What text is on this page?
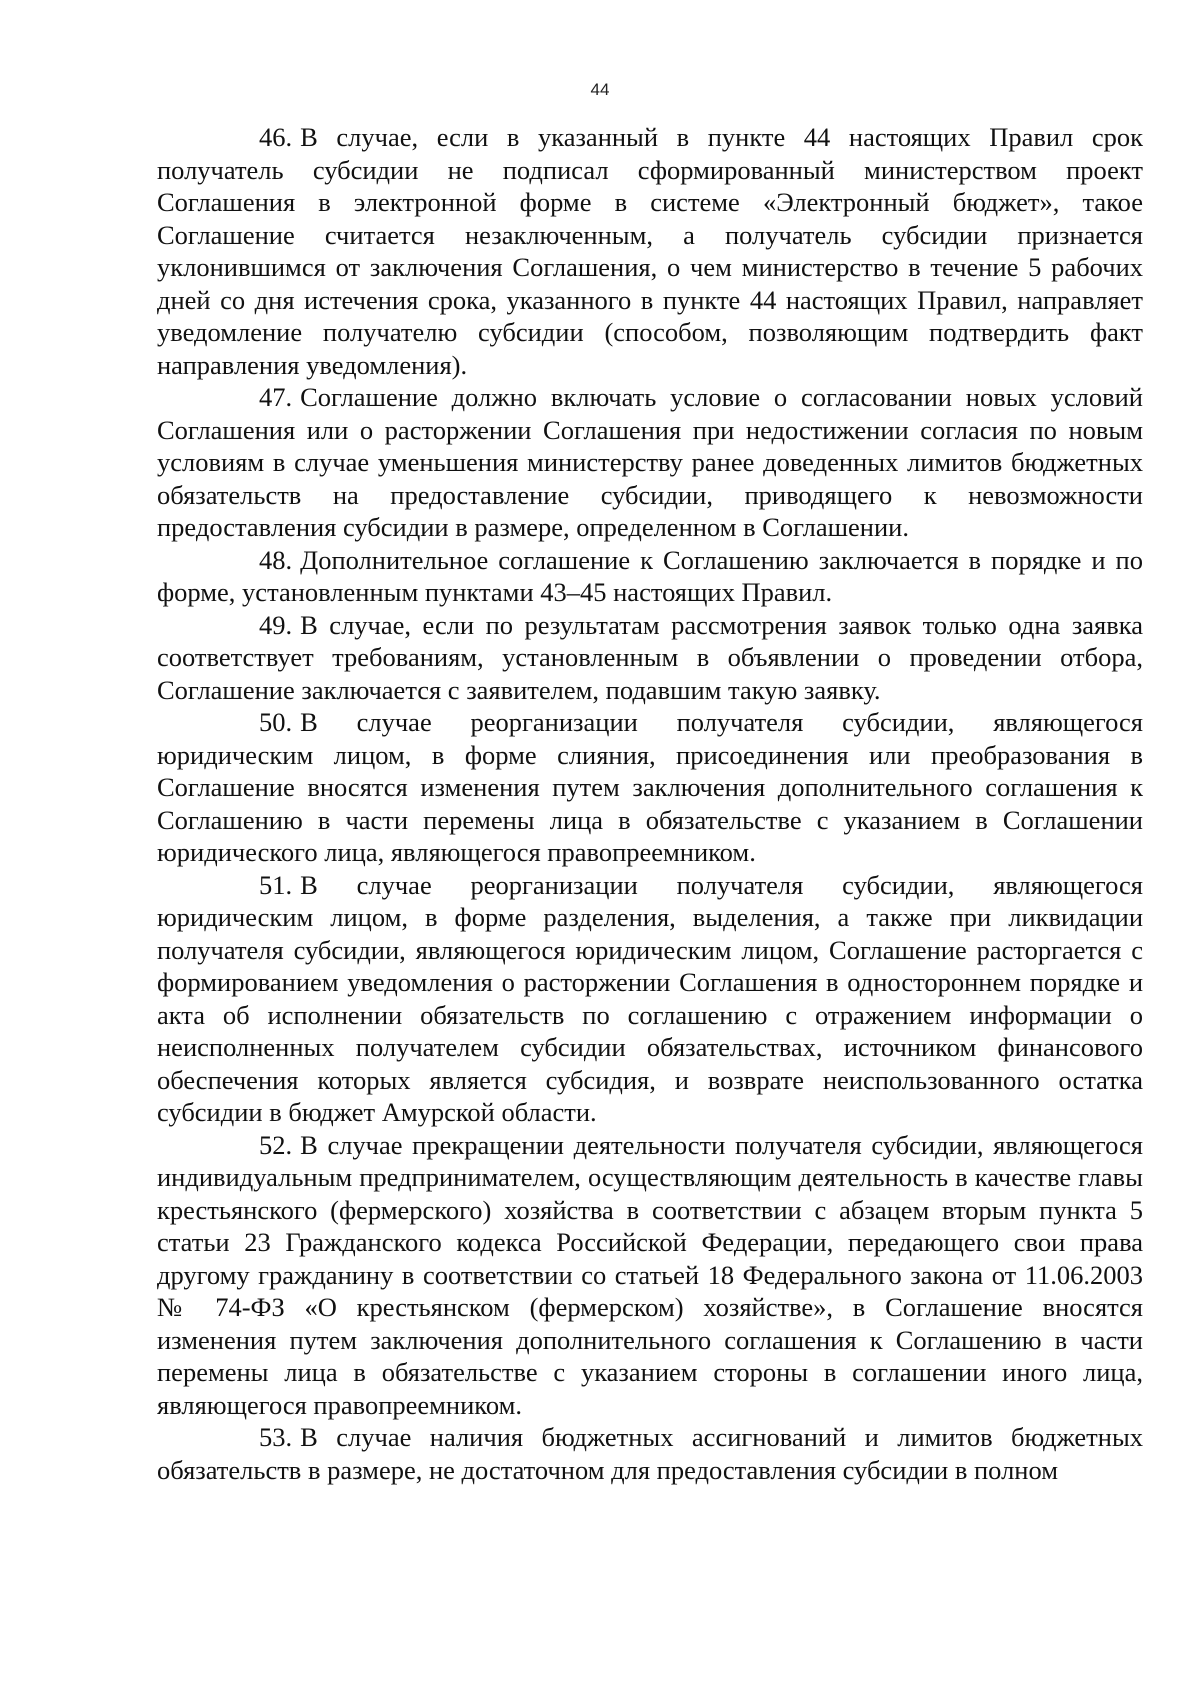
44

46. В случае, если в указанный в пункте 44 настоящих Правил срок получатель субсидии не подписал сформированный министерством проект Соглашения в электронной форме в системе «Электронный бюджет», такое Соглашение считается незаключенным, а получатель субсидии признается уклонившимся от заключения Соглашения, о чем министерство в течение 5 рабочих дней со дня истечения срока, указанного в пункте 44 настоящих Правил, направляет уведомление получателю субсидии (способом, позволяющим подтвердить факт направления уведомления).

47. Соглашение должно включать условие о согласовании новых условий Соглашения или о расторжении Соглашения при недостижении согласия по новым условиям в случае уменьшения министерству ранее доведенных лимитов бюджетных обязательств на предоставление субсидии, приводящего к невозможности предоставления субсидии в размере, определенном в Соглашении.

48. Дополнительное соглашение к Соглашению заключается в порядке и по форме, установленным пунктами 43–45 настоящих Правил.

49. В случае, если по результатам рассмотрения заявок только одна заявка соответствует требованиям, установленным в объявлении о проведении отбора, Соглашение заключается с заявителем, подавшим такую заявку.

50. В случае реорганизации получателя субсидии, являющегося юридическим лицом, в форме слияния, присоединения или преобразования в Соглашение вносятся изменения путем заключения дополнительного соглашения к Соглашению в части перемены лица в обязательстве с указанием в Соглашении юридического лица, являющегося правопреемником.

51. В случае реорганизации получателя субсидии, являющегося юридическим лицом, в форме разделения, выделения, а также при ликвидации получателя субсидии, являющегося юридическим лицом, Соглашение расторгается с формированием уведомления о расторжении Соглашения в одностороннем порядке и акта об исполнении обязательств по соглашению с отражением информации о неисполненных получателем субсидии обязательствах, источником финансового обеспечения которых является субсидия, и возврате неиспользованного остатка субсидии в бюджет Амурской области.

52. В случае прекращении деятельности получателя субсидии, являющегося индивидуальным предпринимателем, осуществляющим деятельность в качестве главы крестьянского (фермерского) хозяйства в соответствии с абзацем вторым пункта 5 статьи 23 Гражданского кодекса Российской Федерации, передающего свои права другому гражданину в соответствии со статьей 18 Федерального закона от 11.06.2003 № 74-ФЗ «О крестьянском (фермерском) хозяйстве», в Соглашение вносятся изменения путем заключения дополнительного соглашения к Соглашению в части перемены лица в обязательстве с указанием стороны в соглашении иного лица, являющегося правопреемником.

53. В случае наличия бюджетных ассигнований и лимитов бюджетных обязательств в размере, не достаточном для предоставления субсидии в полном
